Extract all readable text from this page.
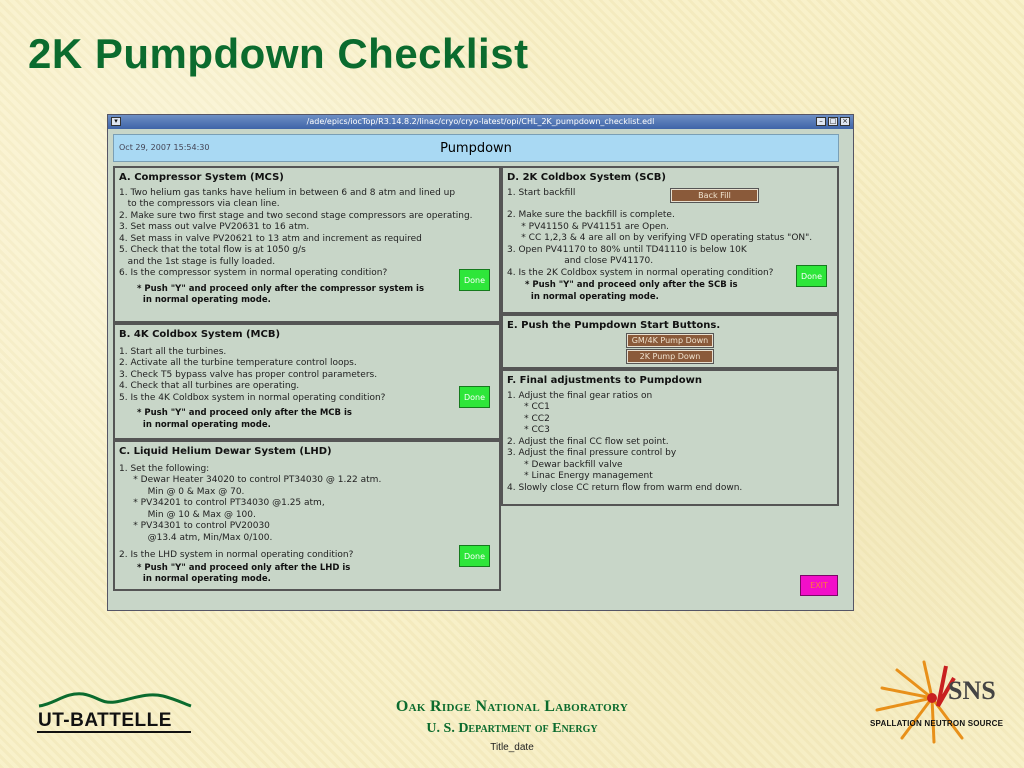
2K Pumpdown Checklist
▾	/ade/epics/iocTop/R3.14.8.2/linac/cryo/cryo-latest/opi/CHL_2K_pumpdown_checklist.edl	– □ ×
Oct 29, 2007 15:54:30	Pumpdown
A. Compressor System (MCS)
1. Two helium gas tanks have helium in between 6 and 8 atm and lined up
to the compressors via clean line.
2. Make sure two first stage and two second stage compressors are operating.
3. Set mass out valve PV20631 to 16 atm.
4. Set mass in valve PV20621 to 13 atm and increment as required
5. Check that the total flow is at 1050 g/s
and the 1st stage is fully loaded.
6. Is the compressor system in normal operating condition?
* Push "Y" and proceed only after the compressor system is
in normal operating mode.
Done
B. 4K Coldbox System (MCB)
1. Start all the turbines.
2. Activate all the turbine temperature control loops.
3. Check T5 bypass valve has proper control parameters.
4. Check that all turbines are operating.
5. Is the 4K Coldbox system in normal operating condition?
* Push "Y" and proceed only after the MCB is
in normal operating mode.
Done
C. Liquid Helium Dewar System (LHD)
1. Set the following:
* Dewar Heater 34020 to control PT34030 @ 1.22 atm.
Min @ 0 & Max @ 70.
* PV34201 to control PT34030 @1.25 atm,
Min @ 10 & Max @ 100.
* PV34301 to control PV20030
@13.4 atm, Min/Max 0/100.
2. Is the LHD system in normal operating condition?
* Push "Y" and proceed only after the LHD is
in normal operating mode.
Done
D. 2K Coldbox System (SCB)
1. Start backfill	Back Fill
2. Make sure the backfill is complete.
* PV41150 & PV41151 are Open.
* CC 1,2,3 & 4 are all on by verifying VFD operating status "ON".
3. Open PV41170 to 80% until TD41110 is below 10K
and close PV41170.
4. Is the 2K Coldbox system in normal operating condition?
* Push "Y" and proceed only after the SCB is
in normal operating mode.
Done
E. Push the Pumpdown Start Buttons.
GM/4K Pump Down
2K Pump Down
F. Final adjustments to Pumpdown
1. Adjust the final gear ratios on
* CC1
* CC2
* CC3
2. Adjust the final CC flow set point.
3. Adjust the final pressure control by
* Dewar backfill valve
* Linac Energy management
4. Slowly close CC return flow from warm end down.
EXIT
UT-BATTELLE
Oak Ridge National Laboratory
U. S. Department of Energy
Title_date
SNS
SPALLATION NEUTRON SOURCE
